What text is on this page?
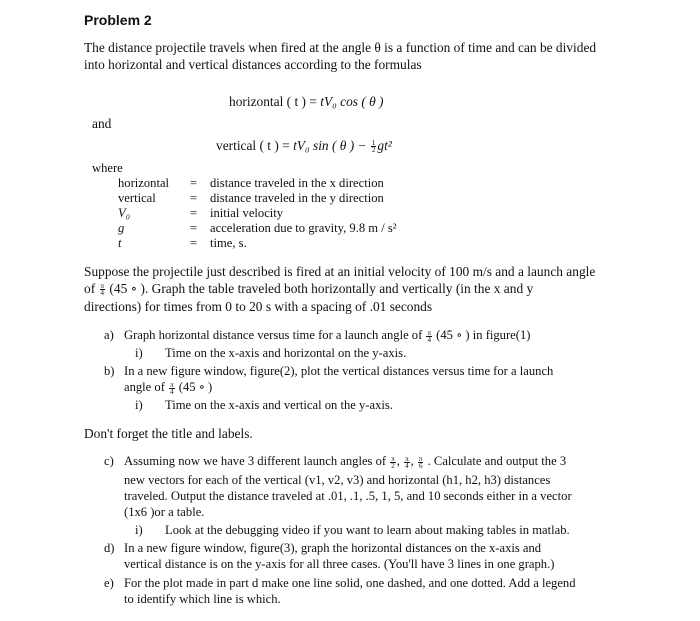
Problem 2
The distance projectile travels when fired at the angle θ is a function of time and can be divided
into horizontal and vertical distances according to the formulas
horizontal ( t ) = tV₀ cos ( θ )
and
vertical ( t ) = tV₀ sin ( θ ) − $\frac{1}{2} gt^2$
where
horizontal = distance traveled in the x direction
vertical	= distance traveled in the y direction
V₀	= initial velocity
g	= acceleration due to gravity, 9.8 m / s²
t	= time, s.
Suppose the projectile just described is fired at an initial velocity of 100 m/s and a launch angle
of $\frac{\pi}{4} (45$ ∘ ). Graph the table traveled both horizontally and vertically (in the x and y
directions) for times from 0 to 20 s with a spacing of .01 seconds
a) Graph horizontal distance versus time for a launch angle of $\frac{\pi}{4} (45$ ∘ ) in figure(1)
i) Time on the x-axis and horizontal on the y-axis.
b) In a new figure window, figure(2), plot the vertical distances versus time for a launch
angle of $\frac{\pi}{4} (45$ ∘ )
i) Time on the x-axis and vertical on the y-axis.
Don't forget the title and labels.
c) Assuming now we have 3 different launch angles of $\frac{\pi}{2}$ , $\frac{\pi}{4}$ , $\frac{\pi}{6}$ . Calculate and output the 3
new vectors for each of the vertical (v1, v2, v3) and horizontal (h1, h2, h3) distances
traveled. Output the distance traveled at .01, .1, .5, 1, 5, and 10 seconds either in a vector
(1x6 )or a table.
i) Look at the debugging video if you want to learn about making tables in matlab.
d) In a new figure window, figure(3), graph the horizontal distances on the x-axis and
vertical distance is on the y-axis for all three cases. (You'll have 3 lines in one graph.)
e) For the plot made in part d make one line solid, one dashed, and one dotted. Add a legend
to identify which line is which.
